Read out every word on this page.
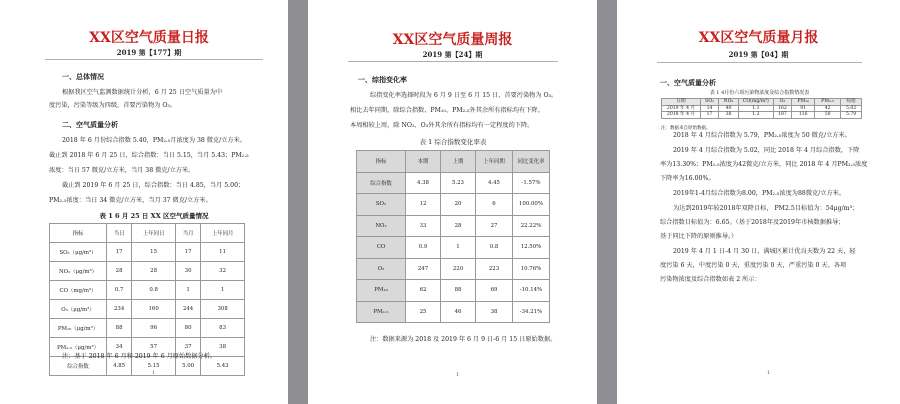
XX区空气质量日报
2019 第【177】期
一、总体情况
根据我区空气监测数据统计分析，6 月 25 日空气质量为中
度污染，污染等级为四级，首要污染物为 O₃。
二、空气质量分析
2018 年 6 月份综合指数 5.40，PM₂.₅月浓度为 38 微克/立方米。
截止到 2018 年 6 月 25 日，综合指数：当日 5.15，当月 5.43；PM₂.₅
浓度：当日 57 微克/立方米，当月 38 微克/立方米。
截止到 2019 年 6 月 25 日，综合指数：当日 4.85，当月 5.00；
PM₂.₅浓度：当日 34 微克/立方米，当月 37 微克/立方米。
表 1 6 月 25 日 XX 区空气质量情况
指标	当日	上年同日	当月	上年同月
SO₂（μg/m³）	17	15	17	11
NO₂（μg/m³）	28	28	30	32
CO（mg/m³）	0.7	0.8	1	1
O₃（μg/m³）	234	160	244	308
PM₁₀（μg/m³）	88	96	80	83
PM₂.₅（μg/m³）	34	57	37	38
综合指数	4.85	5.15	5.00	5.43
注：基于 2018 年 6 月和 2019 年 6 月原始数据分析。
1
XX区空气质量周报
2019 第【24】期
一、综指变化率
综指变化率选择时段为 6 月 9 日至 6 月 15 日，首要污染物为 O₃。
相比去年同期，除综合指数、PM₁₀、PM₂.₅外其余所有指标均有下降。
本周相较上周，除 NO₂、O₃外其余所有指标均有一定程度的下降。
表 1 综合指数变化率表
指标	本期	上期	上年同期	同比变化率
综合指数	4.38	5.23	4.45	-1.57%
SO₂	12	20	6	100.00%
NO₂	33	28	27	22.22%
CO	0.9	1	0.8	12.50%
O₃	247	220	223	10.76%
PM₁₀	62	88	69	-10.14%
PM₂.₅	25	46	38	-34.21%
注：数据来源为 2018 及 2019 年 6 月 9 日-6 月 15 日原始数据。
1
XX区空气质量月报
2019 第【04】期
一、空气质量分析
表 1 4月份六项污染物浓度及综合指数情况表
日期	SO₂	NO₂	CO(mg/m³)	O₃	PM₁₀	PM₂.₅	综指
2019 年 4 月	14	40	1.1	162	91	42	5.02
2018 年 4 月	17	38	1.2	187	116	50	5.79
注：数据来自原始数据。
2018 年 4 月综合指数为 5.79，PM₂.₅浓度为 50 微克/立方米。
2019 年 4 月综合指数为 5.02，同比 2018 年 4 月综合指数，下降
率为13.30%；PM₂.₅浓度为42微克/立方米，同比 2018 年 4 月PM₂.₅浓度
下降率为16.00%。
2019年1-4月综合指数为8.00，PM₂.₅浓度为88微克/立方米。
为达到2019年较2018年双降目标， PM2.5目标值为：54μg/m³；
综合指数目标值为：6.65。（基于2018年及2019年市核数据推导；
基于同比下降的原则推导。）
2019 年 4 月 1 日-4 月 30 日，满城区累计优良天数为 22 天，轻
度污染 6 天，中度污染 0 天，重度污染 0 天，严重污染 0 天。各项
污染物浓度及综合指数如表 2 所示：
1
